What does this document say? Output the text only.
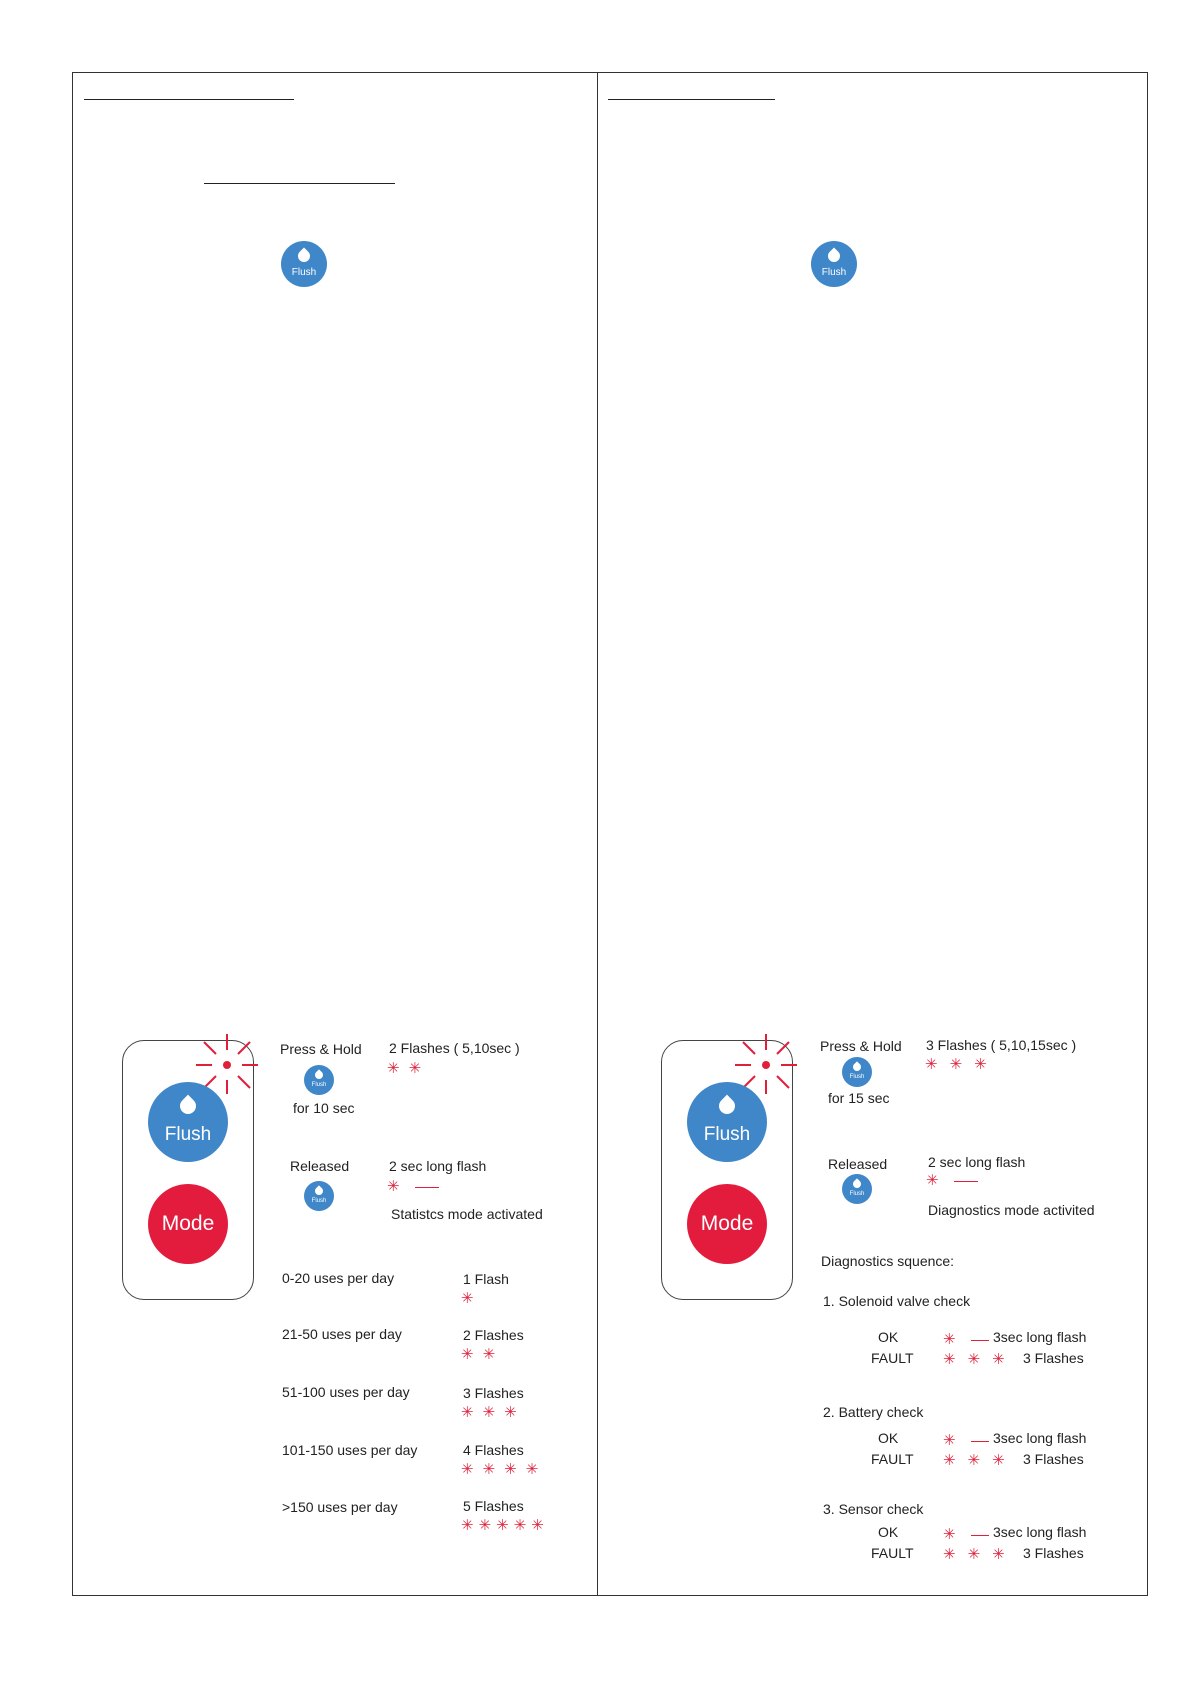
Flush
Flush
Mode
Press & Hold
Flush
for 10 sec
2 Flashes ( 5,10sec )
✳✳
Released
Flush
2 sec long flash
✳
Statistcs mode activated
0-20 uses per day	1 Flash
✳
21-50 uses per day	2 Flashes
✳✳
51-100 uses per day	3 Flashes
✳✳✳
101-150 uses per day	4 Flashes
✳✳✳✳
>150 uses per day	5 Flashes
✳✳✳✳✳
Flush
Flush
Mode
Press & Hold
Flush
for 15 sec
3 Flashes ( 5,10,15sec )
✳✳✳
Released
Flush
2 sec long flash
✳
Diagnostics mode activited
Diagnostics squence:
1. Solenoid valve check
OK	✳	3sec long flash
FAULT ✳✳✳ 3 Flashes
2. Battery check
OK	✳	3sec long flash
FAULT ✳✳✳ 3 Flashes
3. Sensor check
OK	✳	3sec long flash
FAULT ✳✳✳ 3 Flashes
